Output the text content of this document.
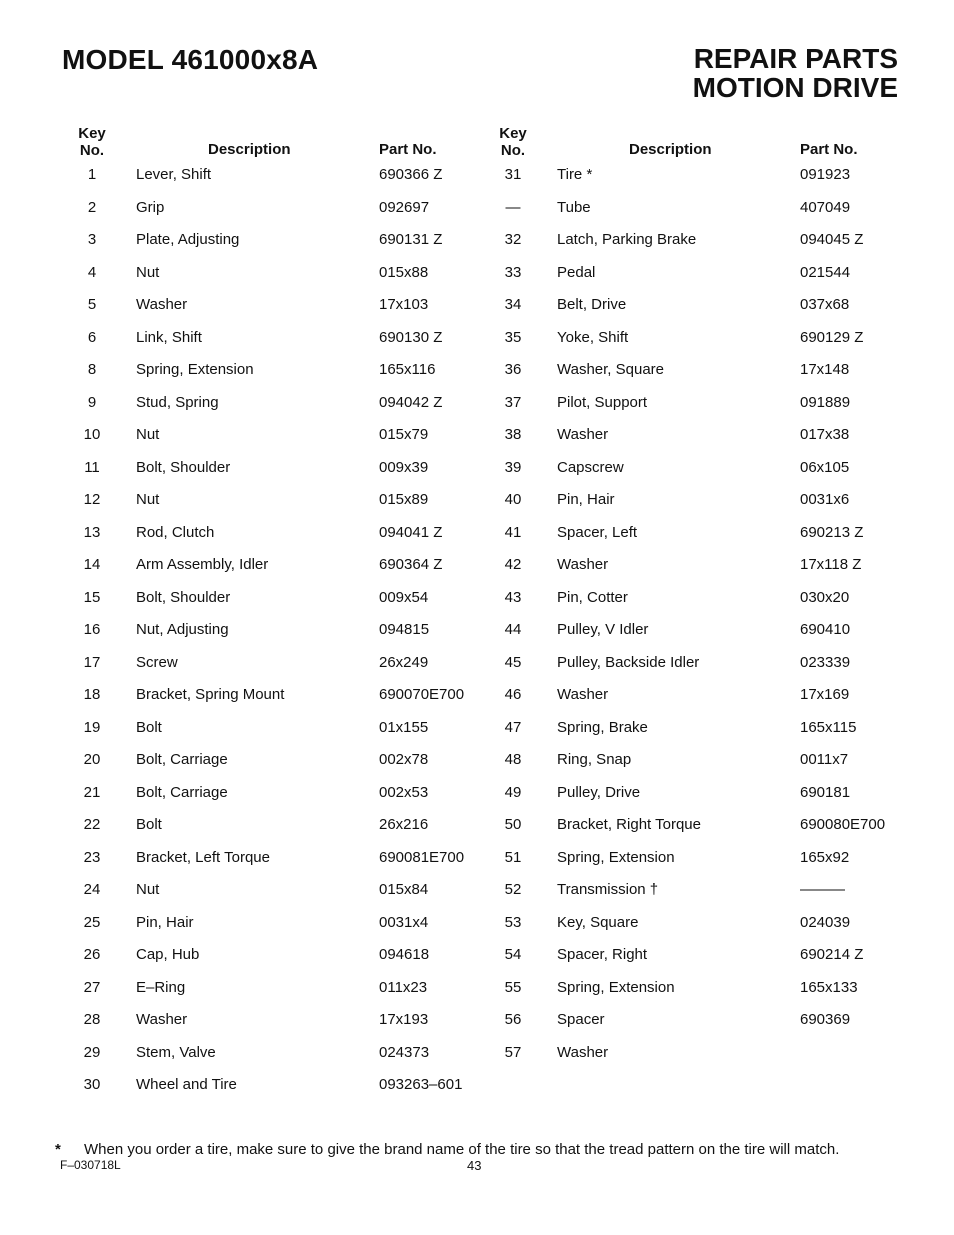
MODEL 461000x8A	REPAIR PARTS
MOTION DRIVE
Key
No.	Description	Part No.
1	Lever, Shift	690366 Z
2	Grip	092697
3	Plate, Adjusting	690131 Z
4	Nut	015x88
5	Washer	17x103
6	Link, Shift	690130 Z
8	Spring, Extension	165x116
9	Stud, Spring	094042 Z
10	Nut	015x79
11	Bolt, Shoulder	009x39
12	Nut	015x89
13	Rod, Clutch	094041 Z
14	Arm Assembly, Idler	690364 Z
15	Bolt, Shoulder	009x54
16	Nut, Adjusting	094815
17	Screw	26x249
18	Bracket, Spring Mount	690070E700
19	Bolt	01x155
20	Bolt, Carriage	002x78
21	Bolt, Carriage	002x53
22	Bolt	26x216
23	Bracket, Left Torque	690081E700
24	Nut	015x84
25	Pin, Hair	0031x4
26	Cap, Hub	094618
27	E–Ring	011x23
28	Washer	17x193
29	Stem, Valve	024373
30	Wheel and Tire	093263–601
Key
No.	Description	Part No.
31	Tire *	091923
—	Tube	407049
32	Latch, Parking Brake	094045 Z
33	Pedal	021544
34	Belt, Drive	037x68
35	Yoke, Shift	690129 Z
36	Washer, Square	17x148
37	Pilot, Support	091889
38	Washer	017x38
39	Capscrew	06x105
40	Pin, Hair	0031x6
41	Spacer, Left	690213 Z
42	Washer	17x118 Z
43	Pin, Cotter	030x20
44	Pulley, V Idler	690410
45	Pulley, Backside Idler	023339
46	Washer	17x169
47	Spring, Brake	165x115
48	Ring, Snap	0011x7
49	Pulley, Drive	690181
50	Bracket, Right Torque	690080E700
51	Spring, Extension	165x92
52	Transmission †	———
53	Key, Square	024039
54	Spacer, Right	690214 Z
55	Spring, Extension	165x133
56	Spacer	690369
57	Washer

* When you order a tire, make sure to give the brand name of the tire so that the tread pattern on the tire will match.

F–030718L	43
